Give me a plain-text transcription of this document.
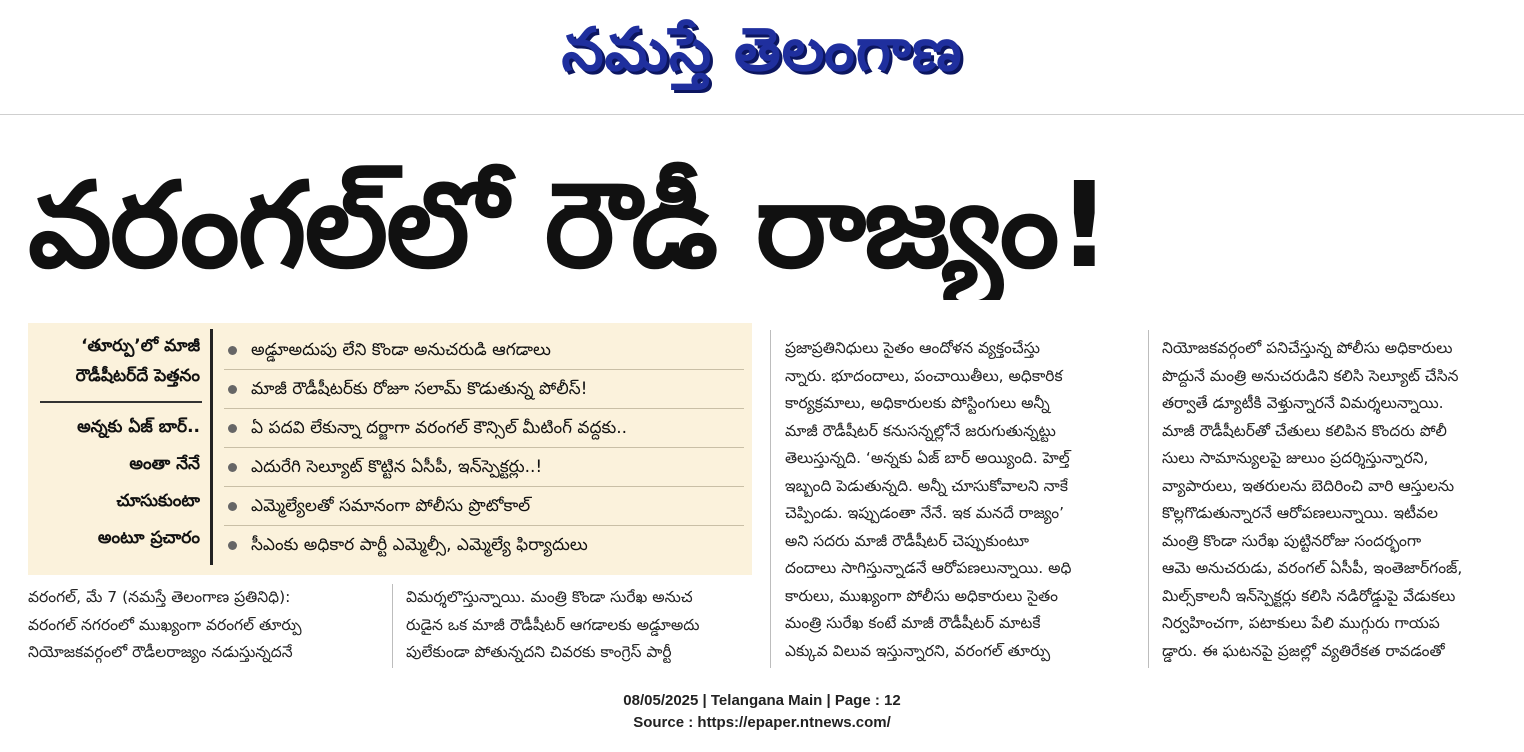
నమస్తే తెలంగాణ
వరంగల్‌లో రౌడీ రాజ్యం!
‘తూర్పు’లో మాజీ
రౌడీషీటర్‌దే పెత్తనం
అన్నకు ఏజ్ బార్..
అంతా నేనే
చూసుకుంటా
అంటూ ప్రచారం
అడ్డూఅదుపు లేని కొండా అనుచరుడి ఆగడాలు
మాజీ రౌడీషీటర్‌కు రోజూ సలామ్ కొడుతున్న పోలీస్!
ఏ పదవి లేకున్నా దర్జాగా వరంగల్ కౌన్సిల్ మీటింగ్ వద్దకు..
ఎదురేగి సెల్యూట్ కొట్టిన ఏసీపీ, ఇన్‌స్పెక్టర్లు..!
ఎమ్మెల్యేలతో సమానంగా పోలీసు ప్రొటోకాల్
సీఎంకు అధికార పార్టీ ఎమ్మెల్సీ, ఎమ్మెల్యే ఫిర్యాదులు
వరంగల్, మే 7 (నమస్తే తెలంగాణ ప్రతినిధి):
వరంగల్ నగరంలో ముఖ్యంగా వరంగల్ తూర్పు
నియోజకవర్గంలో రౌడీలరాజ్యం నడుస్తున్నదనే
విమర్శలొస్తున్నాయి. మంత్రి కొండా సురేఖ అనుచ
రుడైన ఒక మాజీ రౌడీషీటర్ ఆగడాలకు అడ్డూఅదు
పులేకుండా పోతున్నదని చివరకు కాంగ్రెస్ పార్టీ
ప్రజాప్రతినిధులు సైతం ఆందోళన వ్యక్తంచేస్తు
న్నారు. భూదందాలు, పంచాయితీలు, అధికారిక
కార్యక్రమాలు, అధికారులకు పోస్టింగులు అన్నీ
మాజీ రౌడీషీటర్ కనుసన్నల్లోనే జరుగుతున్నట్టు
తెలుస్తున్నది. ‘అన్నకు ఏజ్ బార్ అయ్యింది. హెల్త్
ఇబ్బంది పెడుతున్నది. అన్నీ చూసుకోవాలని నాకే
చెప్పిండు. ఇప్పుడంతా నేనే. ఇక మనదే రాజ్యం’
అని సదరు మాజీ రౌడీషీటర్ చెప్పుకుంటూ
దందాలు సాగిస్తున్నాడనే ఆరోపణలున్నాయి. అధి
కారులు, ముఖ్యంగా పోలీసు అధికారులు సైతం
మంత్రి సురేఖ కంటే మాజీ రౌడీషీటర్ మాటకే
ఎక్కువ విలువ ఇస్తున్నారని, వరంగల్ తూర్పు
నియోజకవర్గంలో పనిచేస్తున్న పోలీసు అధికారులు
పొద్దునే మంత్రి అనుచరుడిని కలిసి సెల్యూట్ చేసిన
తర్వాతే డ్యూటీకి వెళ్తున్నారనే విమర్శలున్నాయి.
మాజీ రౌడీషీటర్‌తో చేతులు కలిపిన కొందరు పోలీ
సులు సామాన్యులపై జులుం ప్రదర్శిస్తున్నారని,
వ్యాపారులు, ఇతరులను బెదిరించి వారి ఆస్తులను
కొల్లగొడుతున్నారనే ఆరోపణలున్నాయి. ఇటీవల
మంత్రి కొండా సురేఖ పుట్టినరోజు సందర్భంగా
ఆమె అనుచరుడు, వరంగల్ ఏసీపీ, ఇంతెజార్‌గంజ్,
మిల్స్‌కాలనీ ఇన్‌స్పెక్టర్లు కలిసి నడిరోడ్డుపై వేడుకలు
నిర్వహించగా, పటాకులు పేలి ముగ్గురు గాయప
డ్డారు. ఈ ఘటనపై ప్రజల్లో వ్యతిరేకత రావడంతో
08/05/2025 | Telangana Main | Page : 12
Source : https://epaper.ntnews.com/
